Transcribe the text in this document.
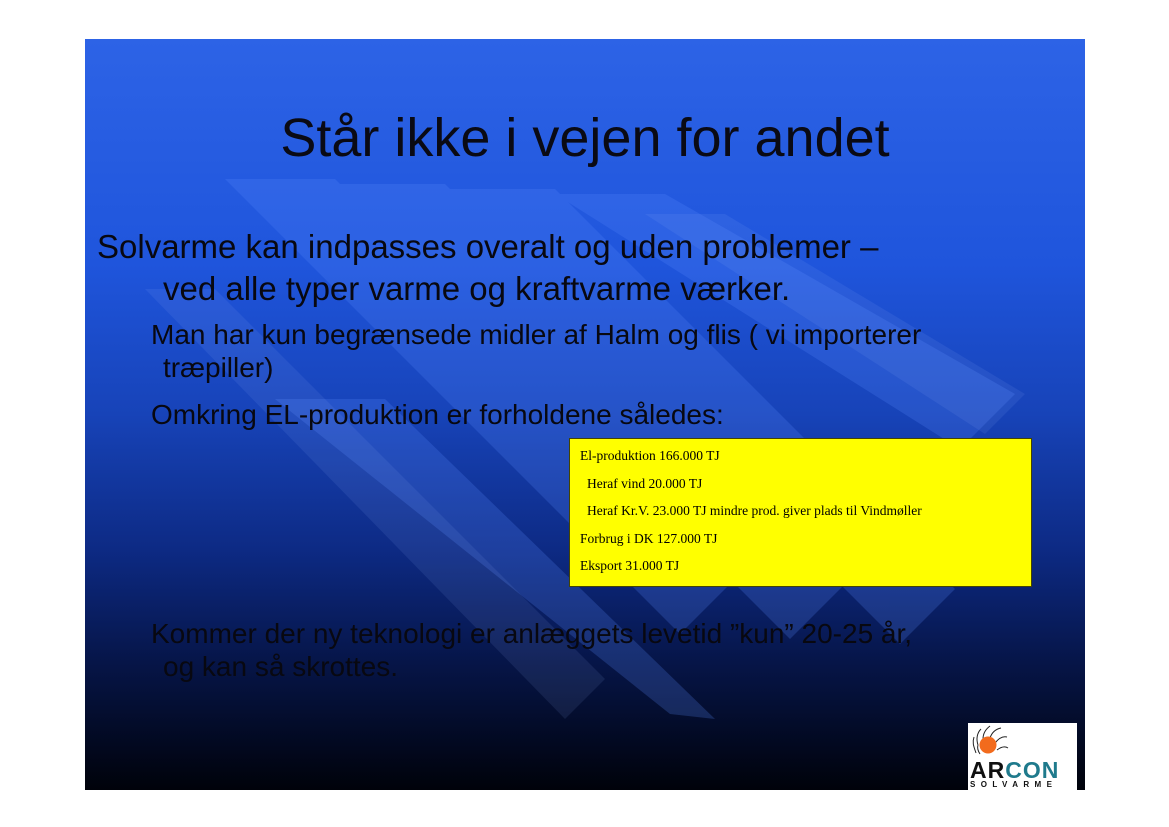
Står ikke i vejen for andet
Solvarme kan indpasses overalt og uden problemer –
ved alle typer varme og kraftvarme værker.
Man har kun begrænsede midler af Halm og flis ( vi importerer
træpiller)
Omkring EL-produktion er forholdene således:
Kommer der ny teknologi er anlæggets levetid ”kun” 20-25 år,
og kan så skrottes.
El-produktion 166.000 TJ
Heraf vind 20.000 TJ
Heraf Kr.V. 23.000 TJ mindre prod. giver plads til Vindmøller
Forbrug i DK 127.000 TJ
Eksport 31.000 TJ
ARCON
SOLVARME
